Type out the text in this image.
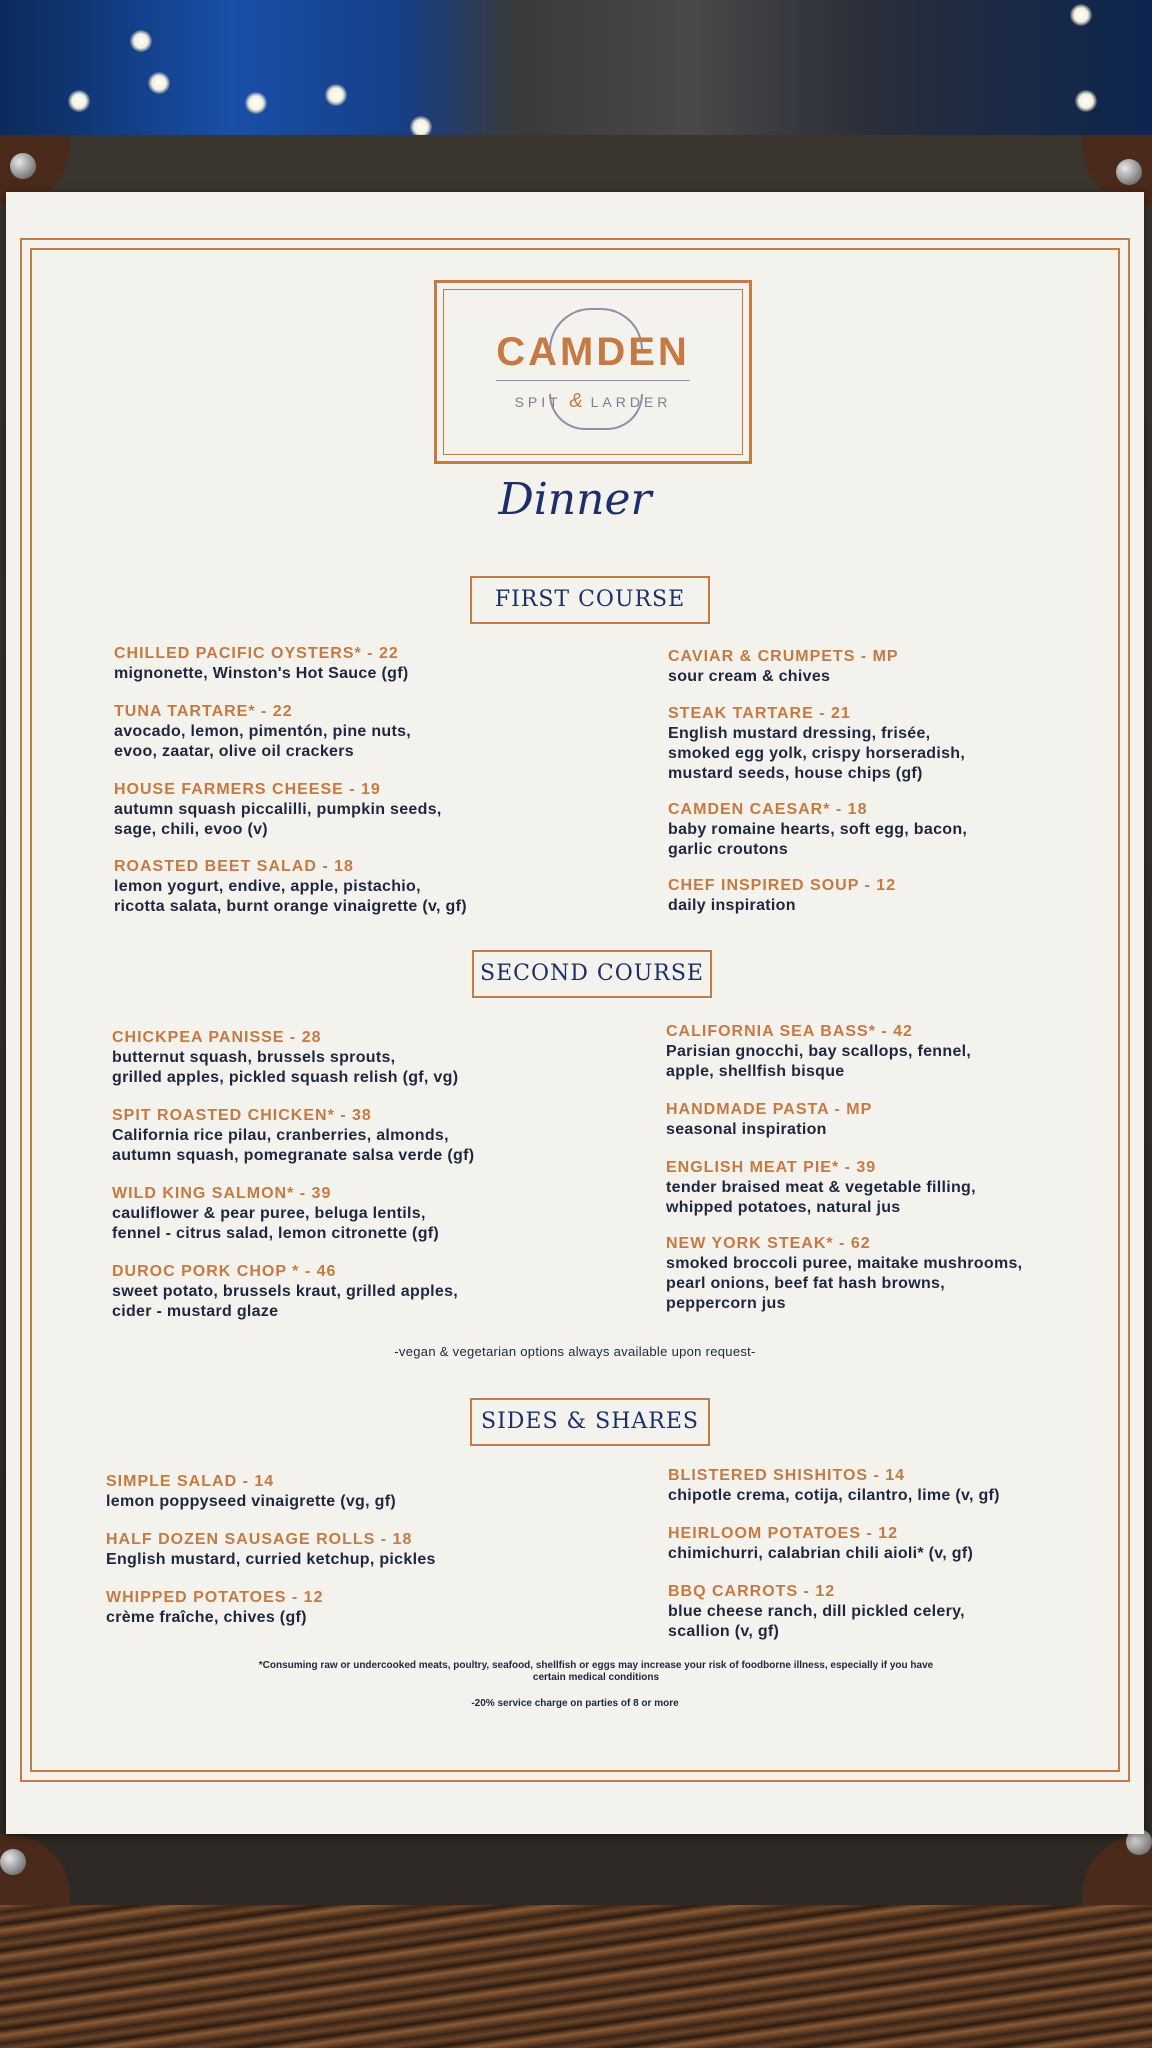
CAMDEN
SPIT & LARDER
Dinner
FIRST COURSE
CHILLED PACIFIC OYSTERS* - 22
mignonette, Winston's Hot Sauce (gf)
TUNA TARTARE* - 22
avocado, lemon, pimentón, pine nuts,
evoo, zaatar, olive oil crackers
HOUSE FARMERS CHEESE - 19
autumn squash piccalilli, pumpkin seeds,
sage, chili, evoo (v)
ROASTED BEET SALAD - 18
lemon yogurt, endive, apple, pistachio,
ricotta salata, burnt orange vinaigrette (v, gf)
CAVIAR & CRUMPETS - MP
sour cream & chives
STEAK TARTARE - 21
English mustard dressing, frisée,
smoked egg yolk, crispy horseradish,
mustard seeds, house chips (gf)
CAMDEN CAESAR* - 18
baby romaine hearts, soft egg, bacon,
garlic croutons
CHEF INSPIRED SOUP - 12
daily inspiration
SECOND COURSE
CHICKPEA PANISSE - 28
butternut squash, brussels sprouts,
grilled apples, pickled squash relish (gf, vg)
SPIT ROASTED CHICKEN* - 38
California rice pilau, cranberries, almonds,
autumn squash, pomegranate salsa verde (gf)
WILD KING SALMON* - 39
cauliflower & pear puree, beluga lentils,
fennel - citrus salad, lemon citronette (gf)
DUROC PORK CHOP * - 46
sweet potato, brussels kraut, grilled apples,
cider - mustard glaze
CALIFORNIA SEA BASS* - 42
Parisian gnocchi, bay scallops, fennel,
apple, shellfish bisque
HANDMADE PASTA - MP
seasonal inspiration
ENGLISH MEAT PIE* - 39
tender braised meat & vegetable filling,
whipped potatoes, natural jus
NEW YORK STEAK* - 62
smoked broccoli puree, maitake mushrooms,
pearl onions, beef fat hash browns,
peppercorn jus
-vegan & vegetarian options always available upon request-
SIDES & SHARES
SIMPLE SALAD - 14
lemon poppyseed vinaigrette (vg, gf)
HALF DOZEN SAUSAGE ROLLS - 18
English mustard, curried ketchup, pickles
WHIPPED POTATOES - 12
crème fraîche, chives (gf)
BLISTERED SHISHITOS - 14
chipotle crema, cotija, cilantro, lime (v, gf)
HEIRLOOM POTATOES - 12
chimichurri, calabrian chili aioli* (v, gf)
BBQ CARROTS - 12
blue cheese ranch, dill pickled celery,
scallion (v, gf)
*Consuming raw or undercooked meats, poultry, seafood, shellfish or eggs may increase your risk of foodborne illness, especially if you have certain medical conditions
-20% service charge on parties of 8 or more
